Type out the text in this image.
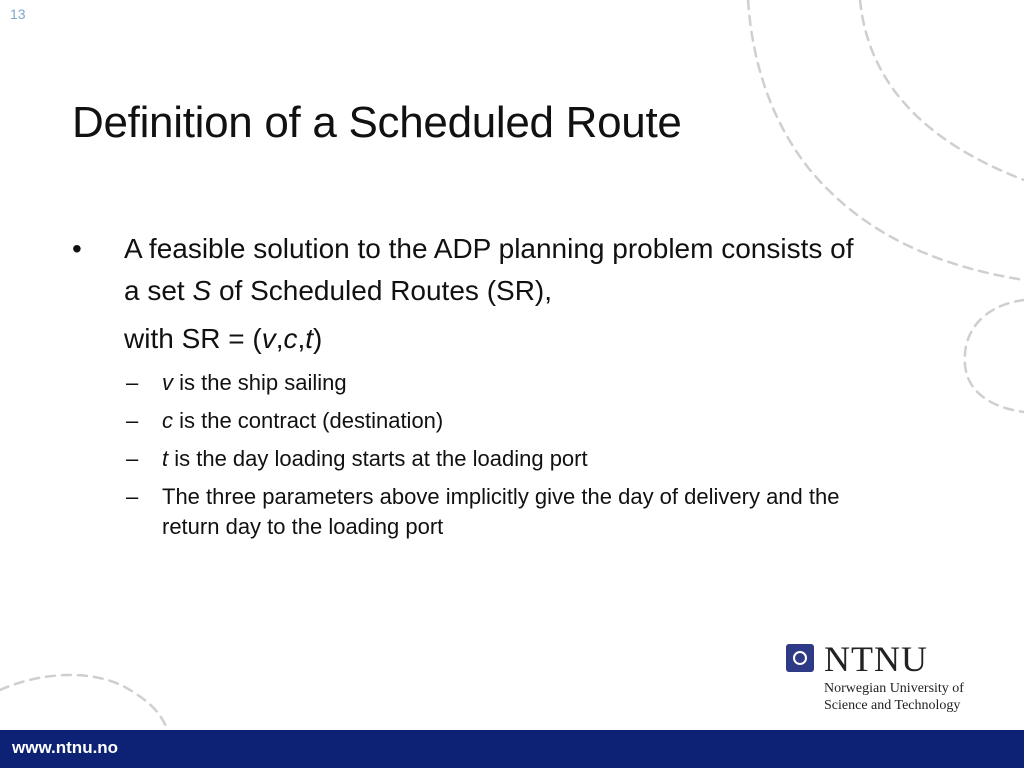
13
Definition of a Scheduled Route
• A feasible solution to the ADP planning problem consists of a set S of Scheduled Routes (SR),
with SR = (v,c,t)
– v is the ship sailing
– c is the contract (destination)
– t is the day loading starts at the loading port
– The three parameters above implicitly give the day of delivery and the return day to the loading port
NTNU
Norwegian University of
Science and Technology
www.ntnu.no
